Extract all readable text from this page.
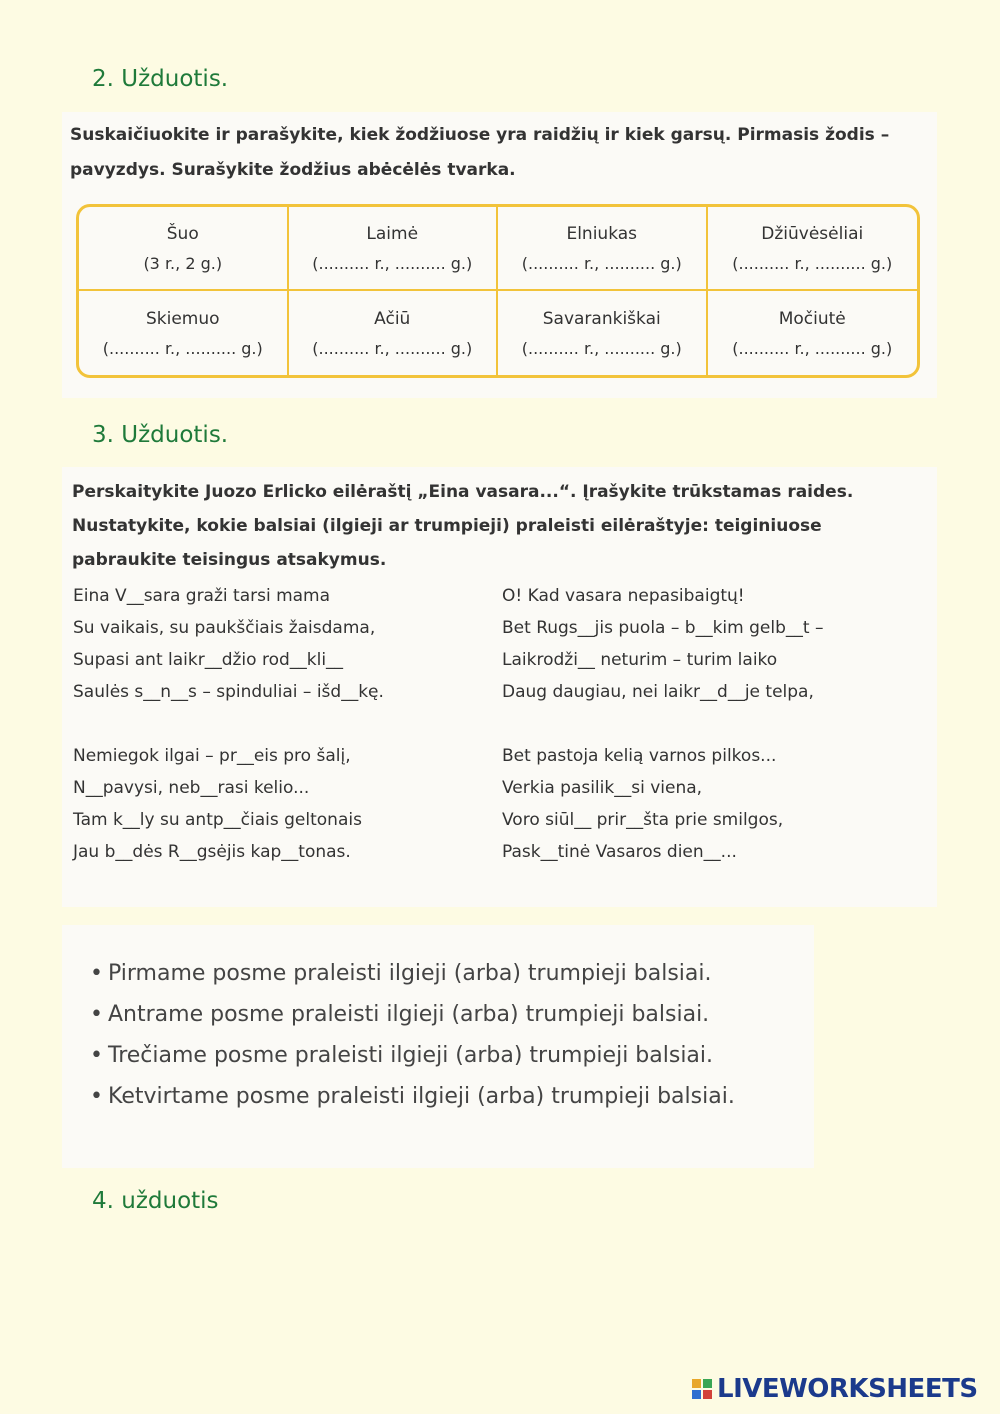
2. Užduotis.
Suskaičiuokite ir parašykite, kiek žodžiuose yra raidžių ir kiek garsų. Pirmasis žodis – pavyzdys. Surašykite žodžius abėcėlės tvarka.
Šuo
(3 r., 2 g.)
Laimė
(.......... r., .......... g.)
Elniukas
(.......... r., .......... g.)
Džiūvėsėliai
(.......... r., .......... g.)
Skiemuo
(.......... r., .......... g.)
Ačiū
(.......... r., .......... g.)
Savarankiškai
(.......... r., .......... g.)
Močiutė
(.......... r., .......... g.)
3. Užduotis.
Perskaitykite Juozo Erlicko eilėraštį „Eina vasara...“. Įrašykite trūkstamas raides. Nustatykite, kokie balsiai (ilgieji ar trumpieji) praleisti eilėraštyje: teiginiuose pabraukite teisingus atsakymus.
Eina V__sara graži tarsi mama
Su vaikais, su paukščiais žaisdama,
Supasi ant laikr__džio rod__kli__
Saulės s__n__s – spinduliai – išd__kę.
Nemiegok ilgai – pr__eis pro šalį,
N__pavysi, neb__rasi kelio...
Tam k__ly su antp__čiais geltonais
Jau b__dės R__gsėjis kap__tonas.
O! Kad vasara nepasibaigtų!
Bet Rugs__jis puola – b__kim gelb__t –
Laikrodži__ neturim – turim laiko
Daug daugiau, nei laikr__d__je telpa,
Bet pastoja kelią varnos pilkos...
Verkia pasilik__si viena,
Voro siūl__ prir__šta prie smilgos,
Pask__tinė Vasaros dien__...
• Pirmame posme praleisti ilgieji (arba) trumpieji balsiai.
• Antrame posme praleisti ilgieji (arba) trumpieji balsiai.
• Trečiame posme praleisti ilgieji (arba) trumpieji balsiai.
• Ketvirtame posme praleisti ilgieji (arba) trumpieji balsiai.
4. užduotis
LIVEWORKSHEETS
